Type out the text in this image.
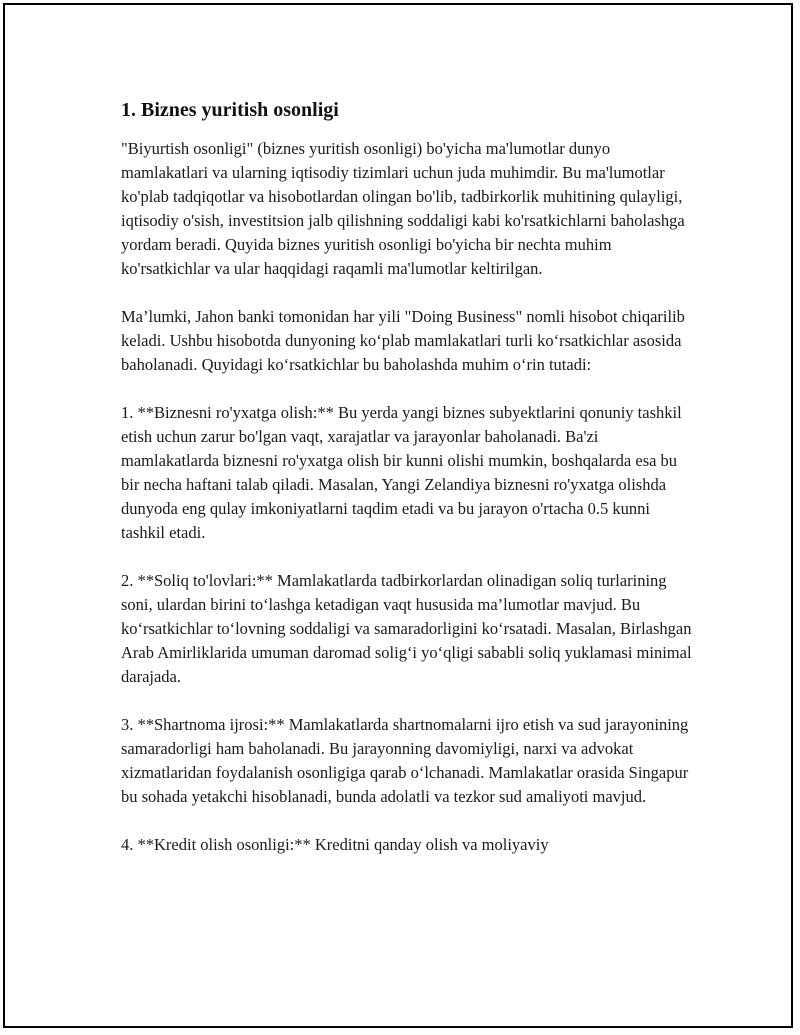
1. Biznes yuritish osonligi

"Biyurtish osonligi" (biznes yuritish osonligi) bo'yicha ma'lumotlar dunyo mamlakatlari va ularning iqtisodiy tizimlari uchun juda muhimdir. Bu ma'lumotlar ko'plab tadqiqotlar va hisobotlardan olingan bo'lib, tadbirkorlik muhitining qulayligi, iqtisodiy o'sish, investitsion jalb qilishning soddaligi kabi ko'rsatkichlarni baholashga yordam beradi. Quyida biznes yuritish osonligi bo'yicha bir nechta muhim ko'rsatkichlar va ular haqqidagi raqamli ma'lumotlar keltirilgan.

Ma’lumki, Jahon banki tomonidan har yili "Doing Business" nomli hisobot chiqarilib keladi. Ushbu hisobotda dunyoning ko‘plab mamlakatlari turli ko‘rsatkichlar asosida baholanadi. Quyidagi ko‘rsatkichlar bu baholashda muhim o‘rin tutadi:

1. **Biznesni ro'yxatga olish:** Bu yerda yangi biznes subyektlarini qonuniy tashkil etish uchun zarur bo'lgan vaqt, xarajatlar va jarayonlar baholanadi. Ba'zi mamlakatlarda biznesni ro'yxatga olish bir kunni olishi mumkin, boshqalarda esa bu bir necha haftani talab qiladi. Masalan, Yangi Zelandiya biznesni ro'yxatga olishda dunyoda eng qulay imkoniyatlarni taqdim etadi va bu jarayon o'rtacha 0.5 kunni tashkil etadi.

2. **Soliq to'lovlari:** Mamlakatlarda tadbirkorlardan olinadigan soliq turlarining soni, ulardan birini to‘lashga ketadigan vaqt hususida ma’lumotlar mavjud. Bu ko‘rsatkichlar to‘lovning soddaligi va samaradorligini ko‘rsatadi. Masalan, Birlashgan Arab Amirliklarida umuman daromad solig‘i yo‘qligi sababli soliq yuklamasi minimal darajada.

3. **Shartnoma ijrosi:** Mamlakatlarda shartnomalarni ijro etish va sud jarayonining samaradorligi ham baholanadi. Bu jarayonning davomiyligi, narxi va advokat xizmatlaridan foydalanish osonligiga qarab o‘lchanadi. Mamlakatlar orasida Singapur bu sohada yetakchi hisoblanadi, bunda adolatli va tezkor sud amaliyoti mavjud.

4. **Kredit olish osonligi:** Kreditni qanday olish va moliyaviy
